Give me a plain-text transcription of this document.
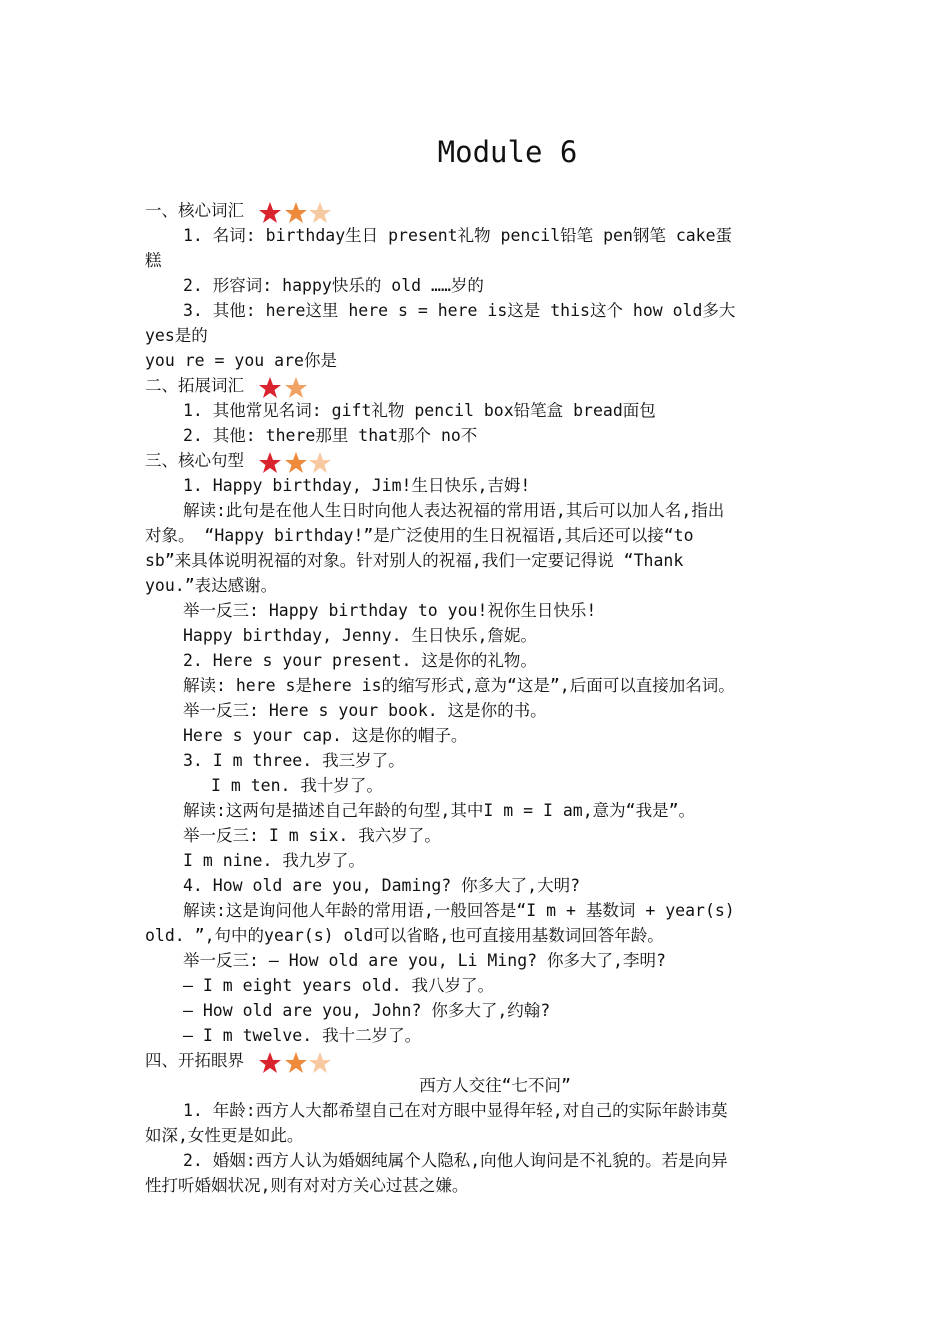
Module 6

一、核心词汇

1. 名词: birthday生日 present礼物 pencil铅笔 pen钢笔 cake蛋

糕

2. 形容词: happy快乐的 old ……岁的

3. 其他: here这里 here s = here is这是 this这个 how old多大

yes是的

you re = you are你是

二、拓展词汇

1. 其他常见名词: gift礼物 pencil box铅笔盒 bread面包

2. 其他: there那里 that那个 no不

三、核心句型

1. Happy birthday, Jim!生日快乐,吉姆!

解读:此句是在他人生日时向他人表达祝福的常用语,其后可以加人名,指出

对象。 “Happy birthday!”是广泛使用的生日祝福语,其后还可以接“to

sb”来具体说明祝福的对象。针对别人的祝福,我们一定要记得说 “Thank

you.”表达感谢。

举一反三: Happy birthday to you!祝你生日快乐!

Happy birthday, Jenny. 生日快乐,詹妮。

2. Here s your present. 这是你的礼物。

解读: here s是here is的缩写形式,意为“这是”,后面可以直接加名词。

举一反三: Here s your book. 这是你的书。

Here s your cap. 这是你的帽子。

3. I m three. 我三岁了。

I m ten. 我十岁了。

解读:这两句是描述自己年龄的句型,其中I m = I am,意为“我是”。

举一反三: I m six. 我六岁了。

I m nine. 我九岁了。

4. How old are you, Daming? 你多大了,大明?

解读:这是询问他人年龄的常用语,一般回答是“I m + 基数词 + year(s)

old. ”,句中的year(s) old可以省略,也可直接用基数词回答年龄。

举一反三: — How old are you, Li Ming? 你多大了,李明?

— I m eight years old. 我八岁了。

— How old are you, John? 你多大了,约翰?

— I m twelve. 我十二岁了。

四、开拓眼界

西方人交往“七不问”

1. 年龄:西方人大都希望自己在对方眼中显得年轻,对自己的实际年龄讳莫

如深,女性更是如此。

2. 婚姻:西方人认为婚姻纯属个人隐私,向他人询问是不礼貌的。若是向异

性打听婚姻状况,则有对对方关心过甚之嫌。
